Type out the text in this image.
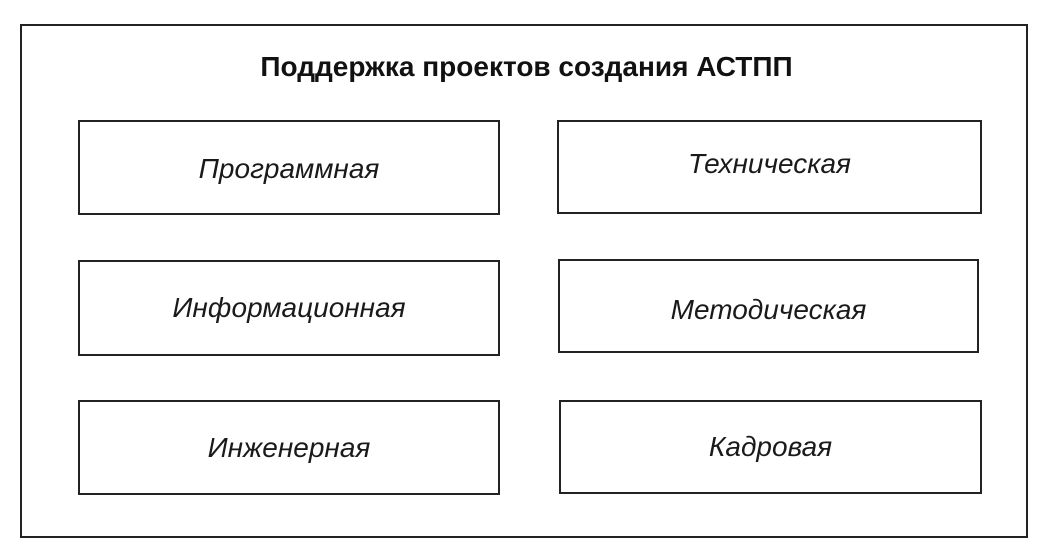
Поддержка проектов создания АСТПП
Программная	Техническая
Информационная	Методическая
Инженерная	Кадровая
